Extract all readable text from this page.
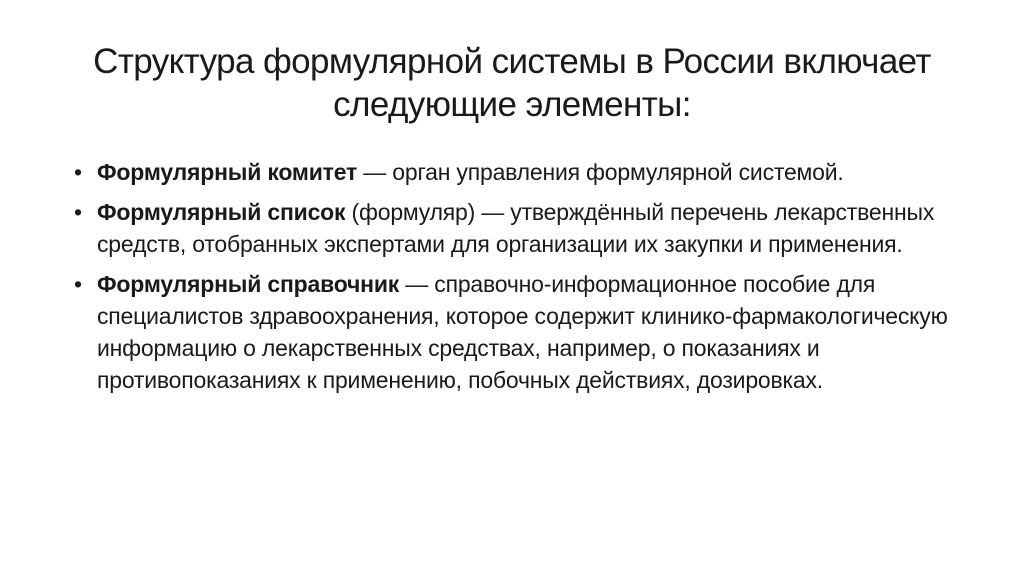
Структура формулярной системы в России включает
следующие элементы:
• Формулярный комитет — орган управления формулярной системой.
• Формулярный список (формуляр) — утверждённый перечень лекарственных средств, отобранных экспертами для организации их закупки и применения.
• Формулярный справочник — справочно-информационное пособие для специалистов здравоохранения, которое содержит клинико-фармакологическую информацию о лекарственных средствах, например, о показаниях и противопоказаниях к применению, побочных действиях, дозировках.
